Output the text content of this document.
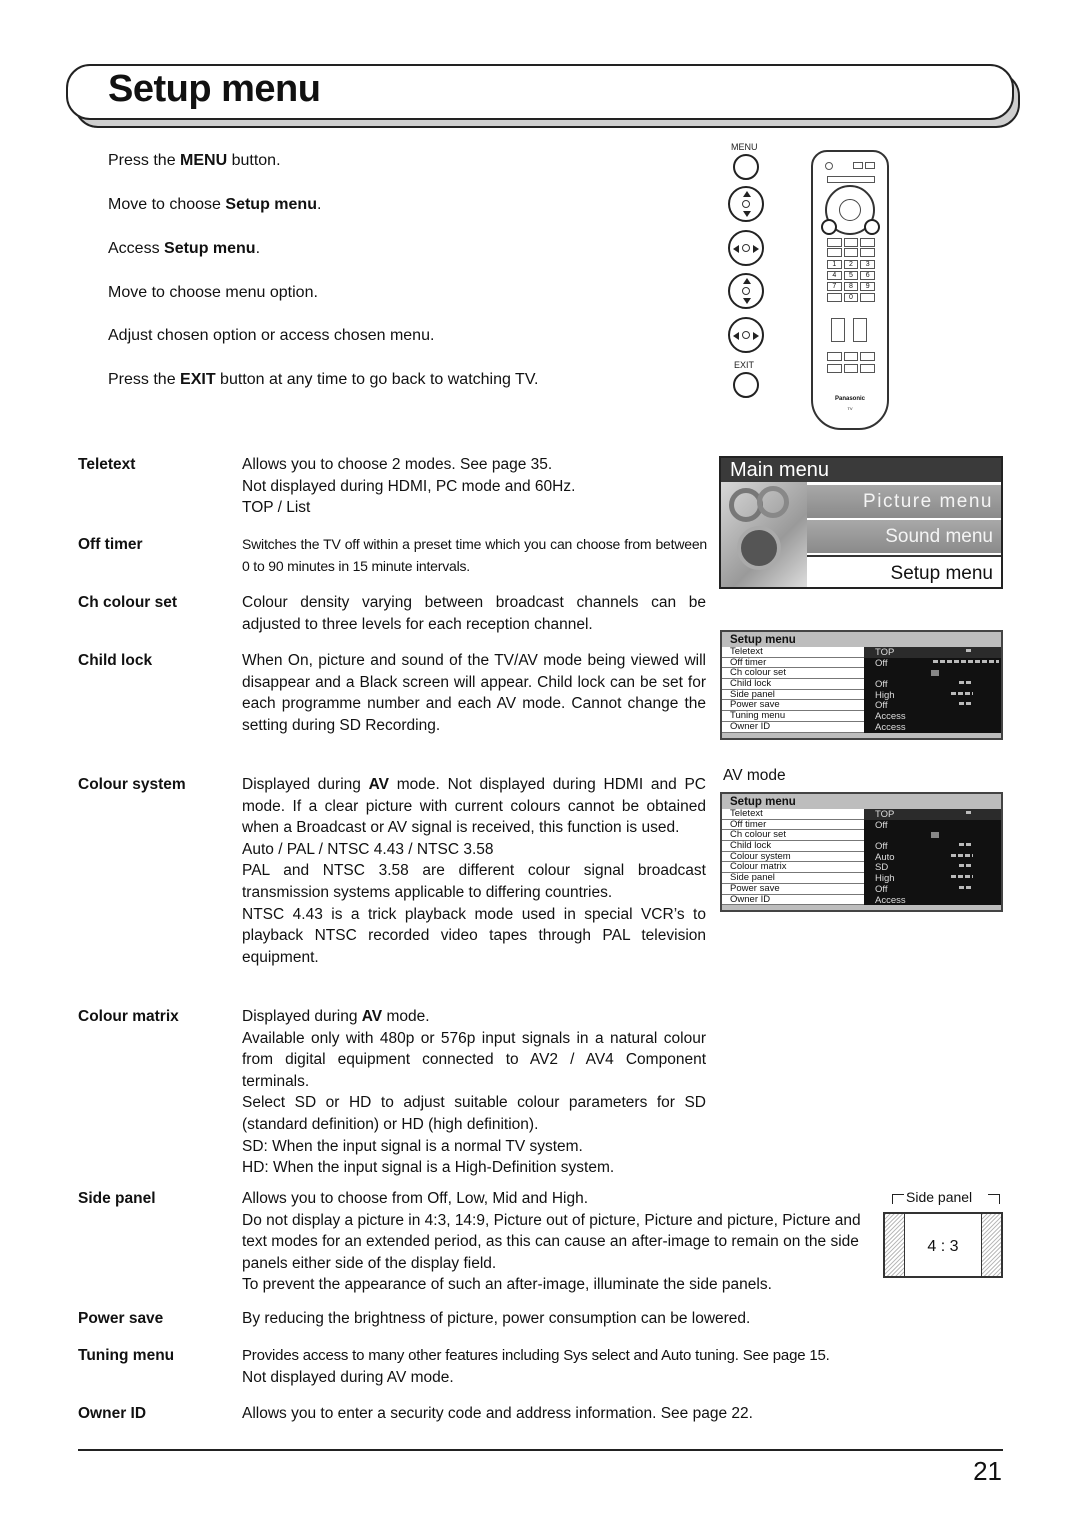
Setup menu
Press the MENU button.
Move to choose Setup menu.
Access Setup menu.
Move to choose menu option.
Adjust chosen option or access chosen menu.
Press the EXIT button at any time to go back to watching TV.
MENU
EXIT
1	2	3
4	5	6
7	8	9
0
Panasonic
TV
Teletext	Allows you to choose 2 modes. See page 35.

Not displayed during HDMI, PC mode and 60Hz.

TOP / List

Off timer	Switches the TV off within a preset time which you can choose from between 0 to 90 minutes in 15 minute intervals.

Ch colour set	Colour density varying between broadcast channels can be adjusted to three levels for each reception channel.

Child lock	When On, picture and sound of the TV/AV mode being viewed will disappear and a Black screen will appear. Child lock can be set for each programme number and each AV mode. Cannot change the setting during SD Recording.

Colour system	Displayed during AV mode. Not displayed during HDMI and PC mode. If a clear picture with current colours cannot be obtained when a Broadcast or AV signal is received, this function is used.

Auto / PAL / NTSC 4.43 / NTSC 3.58

PAL and NTSC 3.58 are different colour signal broadcast transmission systems applicable to differing countries.

NTSC 4.43 is a trick playback mode used in special VCR’s to playback NTSC recorded video tapes through PAL television equipment.

Colour matrix	Displayed during AV mode.

Available only with 480p or 576p input signals in a natural colour from digital equipment connected to AV2 / AV4 Component terminals.

Select SD or HD to adjust suitable colour parameters for SD (standard definition) or HD (high definition).

SD: When the input signal is a normal TV system.

HD: When the input signal is a High-Definition system.

Side panel	Allows you to choose from Off, Low, Mid and High.

Do not display a picture in 4:3, 14:9, Picture out of picture, Picture and picture, Picture and text modes for an extended period, as this can cause an after-image to remain on the side panels either side of the display field.

To prevent the appearance of such an after-image, illuminate the side panels.

Power save	By reducing the brightness of picture, power consumption can be lowered.

Tuning menu	Provides access to many other features including Sys select and Auto tuning. See page 15.

Not displayed during AV mode.

Owner ID	Allows you to enter a security code and address information. See page 22.

Main menu
Picture menu
Sound menu
Setup menu
Setup menu
Teletext	TOP
Off timer	Off
Ch colour set
Child lock	Off
Side panel	High
Power save	Off
Tuning menu	Access
Owner ID	Access
AV mode
Setup menu
Teletext	TOP
Off timer	Off
Ch colour set
Child lock	Off
Colour system	Auto
Colour matrix	SD
Side panel	High
Power save	Off
Owner ID	Access
Side panel
4 : 3
21
